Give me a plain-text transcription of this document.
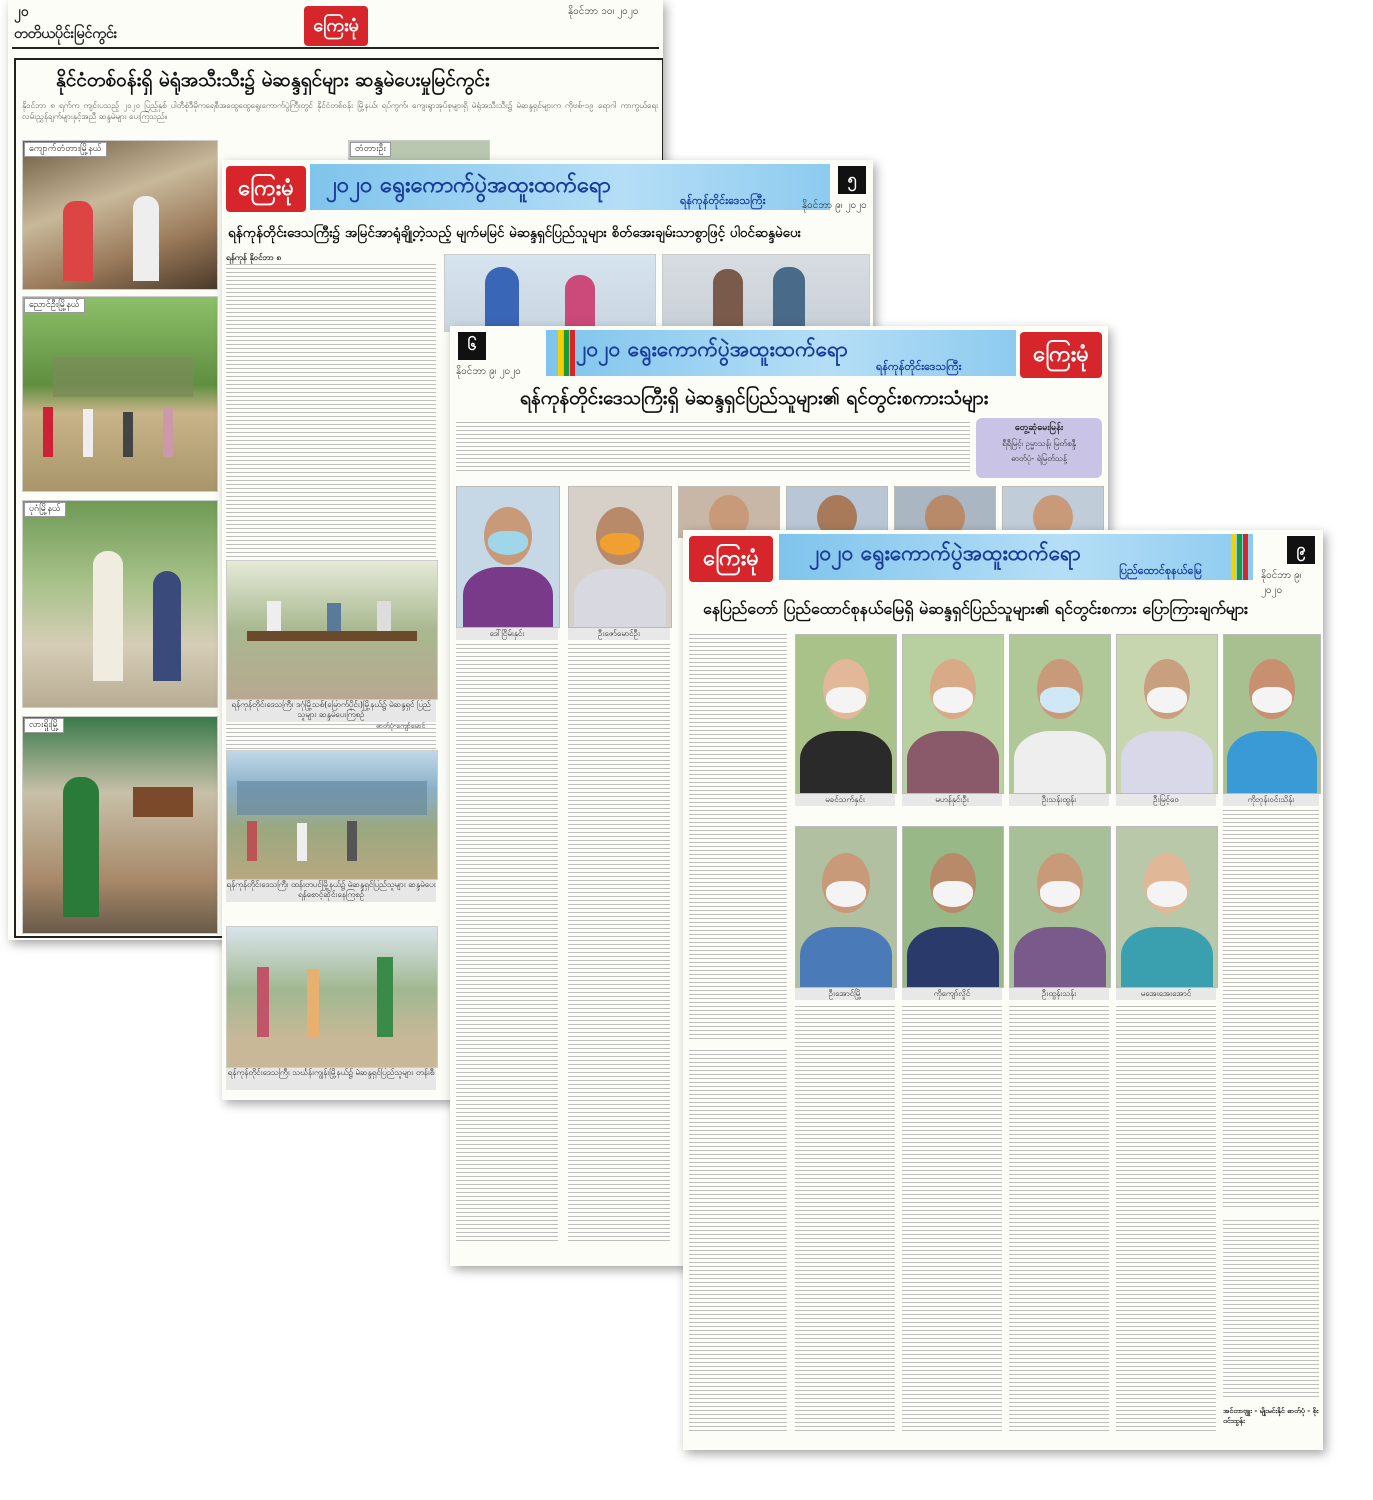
၂၀
တတိယပိုင်းမြင်ကွင်း	ကြေးမုံ
နိုဝင်ဘာ ၁၀၊ ၂၀၂၀
နိုင်ငံတစ်ဝန်းရှိ မဲရုံအသီးသီး၌ မဲဆန္ဒရှင်များ ဆန္ဒမဲပေးမှုမြင်ကွင်း
နိုဝင်ဘာ ၈ ရက်က ကျင်းပသည့် ၂၀၂၀ ပြည့်နှစ် ပါတီစုံဒီမိုကရေစီအထွေထွေရွေးကောက်ပွဲကြီးတွင် နိုင်ငံတစ်ဝန်း မြို့နယ်၊ ရပ်ကွက်၊ ကျေးရွာအုပ်စုများရှိ မဲရုံအသီးသီး၌ မဲဆန္ဒရှင်များက ကိုဗစ်-၁၉ ရောဂါ ကာကွယ်ရေးလမ်းညွှန်ချက်များနှင့်အညီ ဆန္ဒမဲများ ပေးကြသည်။
ကျောက်တံတားမြို့နယ်	တံတားဦး
ညောင်ဦးမြို့နယ်
ပုဂံမြို့နယ်
လားရှိုးမြို့
ကြေးမုံ	၂၀၂၀ ရွေးကောက်ပွဲအထူးထက်ရော
ရန်ကုန်တိုင်းဒေသကြီး
၅
နိုဝင်ဘာ ၉၊ ၂၀၂၀
ရန်ကုန်တိုင်းဒေသကြီး၌ အမြင်အာရုံချို့တဲ့သည့် မျက်မမြင် မဲဆန္ဒရှင်ပြည်သူများ စိတ်အေးချမ်းသာစွာဖြင့် ပါဝင်ဆန္ဒမဲပေး
ရန်ကုန် နိုဝင်ဘာ ၈
ရန်ကုန်တိုင်းဒေသကြီး ဒဂုံမြို့သစ်(မြောက်ပိုင်း)မြို့နယ်၌ မဲဆန္ဒရှင် ပြည်သူများ ဆန္ဒမဲပေးကြစဉ်
ဓာတ်ပုံ-ကျော်မောင်
ရန်ကုန်တိုင်းဒေသကြီး ထန်းတပင်မြို့နယ်၌ မဲဆန္ဒရှင်ပြည်သူများ ဆန္ဒမဲပေးရန်စောင့်ဆိုင်းနေကြစဉ်
ရန်ကုန်တိုင်းဒေသကြီး သင်္ဃန်းကျွန်းမြို့နယ်၌ မဲဆန္ဒရှင်ပြည်သူများ တန်းစီ
၆
နိုဝင်ဘာ ၉၊ ၂၀၂၀
၂၀၂၀ ရွေးကောက်ပွဲအထူးထက်ရော
ရန်ကုန်တိုင်းဒေသကြီး	ကြေးမုံ
ရန်ကုန်တိုင်းဒေသကြီးရှိ မဲဆန္ဒရှင်ပြည်သူများ၏ ရင်တွင်းစကားသံများ
တွေ့ဆုံမေးမြန်း
ရီရီမြင့်၊ ဥမ္မာသန့်၊ မြတ်စန္ဒီ
ဓာတ်ပုံ- ရဲမြတ်သန့်
ဒေါ်ငြိမ်းနှင်း	ဦးဇော်မောင်ဦး
ကြေးမုံ	၂၀၂၀ ရွေးကောက်ပွဲအထူးထက်ရော
ပြည်ထောင်စုနယ်မြေ
၉
နိုဝင်ဘာ ၉၊ ၂၀၂၀
နေပြည်တော် ပြည်ထောင်စုနယ်မြေရှိ မဲဆန္ဒရှင်ပြည်သူများ၏ ရင်တွင်းစကား ပြောကြားချက်များ
မခင်သက်နှင်း	မဟန်နှင်းဦး	ဦးသန်းထွန်း	ဦးမြင့်ဝေ	ကိုဘုန်းဝင်းသိန်း
ဦးအောင်မြို့	ကိုကျော်လှိုင်	ဦးထွန်းသန်း	မအေးအေးအောင်
အင်တာဗျူး - မျိုးမင်းနိုင် ဓာတ်ပုံ - စိုးဝင်းထွန်း
